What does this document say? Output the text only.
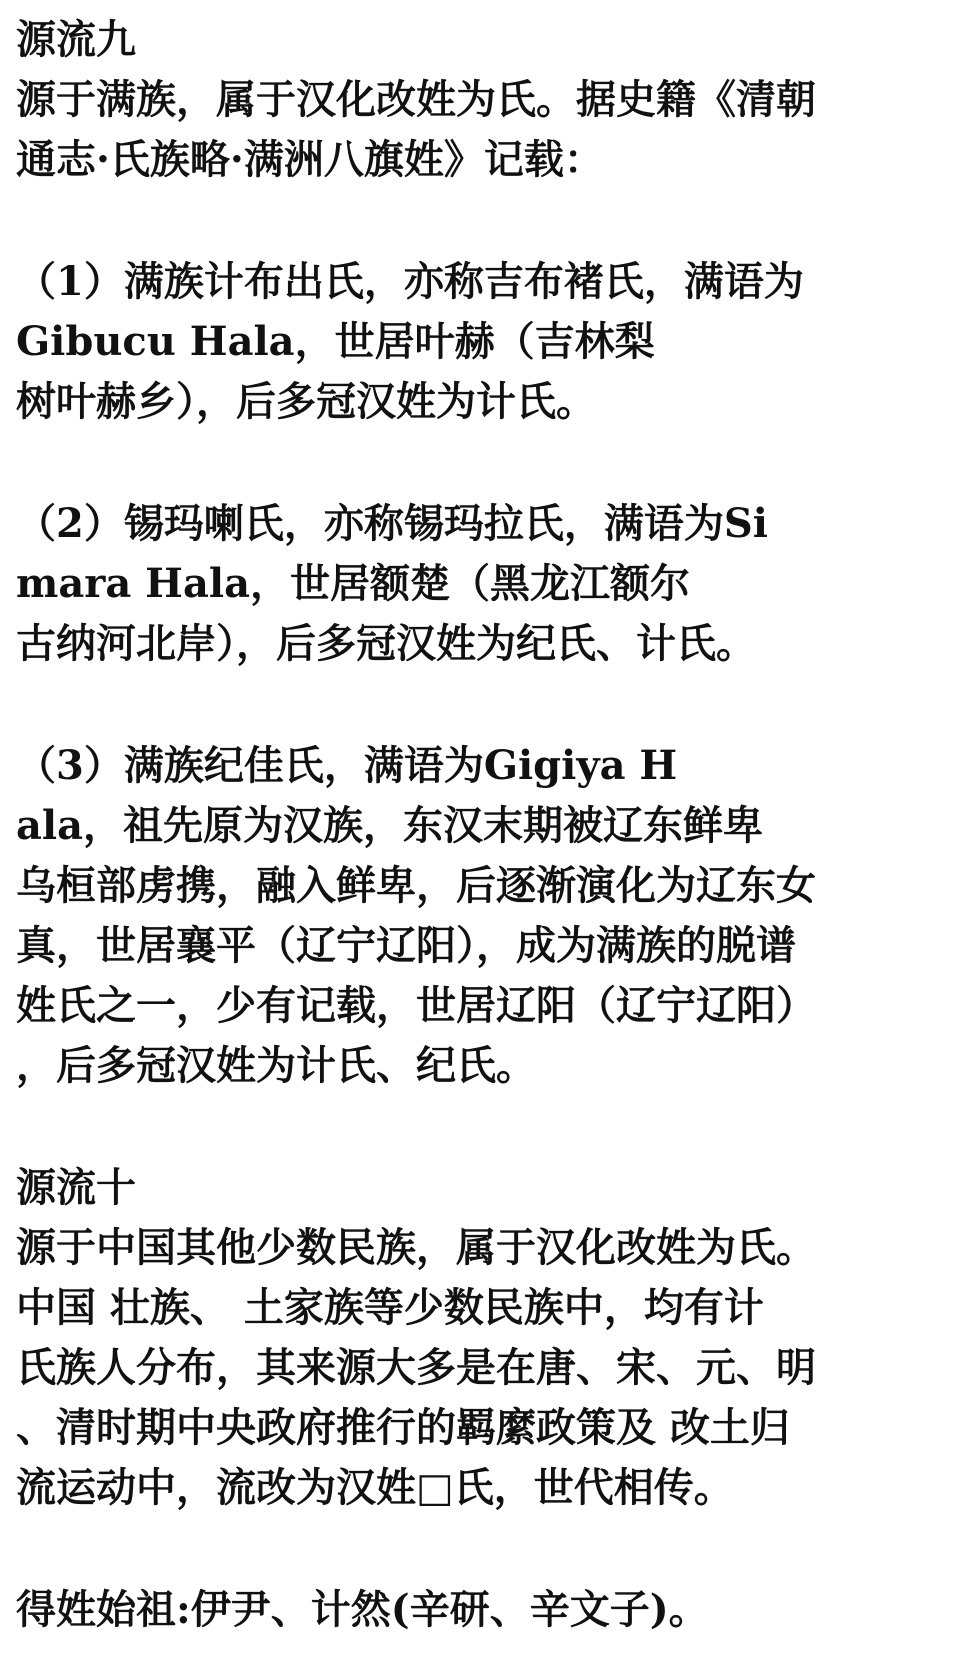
源流九
源于满族，属于汉化改姓为氏。据史籍《清朝
通志·氏族略·满洲八旗姓》记载：
（1）满族计布出氏，亦称吉布褚氏，满语为
Gibucu Hala，世居叶赫（吉林梨
树叶赫乡），后多冠汉姓为计氏。
（2）锡玛喇氏，亦称锡玛拉氏，满语为Si
mara Hala，世居额楚（黑龙江额尔
古纳河北岸），后多冠汉姓为纪氏、计氏。
（3）满族纪佳氏，满语为Gigiya H
ala，祖先原为汉族，东汉末期被辽东鲜卑
乌桓部虏携，融入鲜卑，后逐渐演化为辽东女
真，世居襄平（辽宁辽阳），成为满族的脱谱
姓氏之一，少有记载，世居辽阳（辽宁辽阳）
，后多冠汉姓为计氏、纪氏。
源流十
源于中国其他少数民族，属于汉化改姓为氏。
中国 壮族、 土家族等少数民族中，均有计
氏族人分布，其来源大多是在唐、宋、元、明
、清时期中央政府推行的羁縻政策及 改土归
流运动中，流改为汉姓□氏，世代相传。
得姓始祖:伊尹、计然(辛研、辛文子)。
